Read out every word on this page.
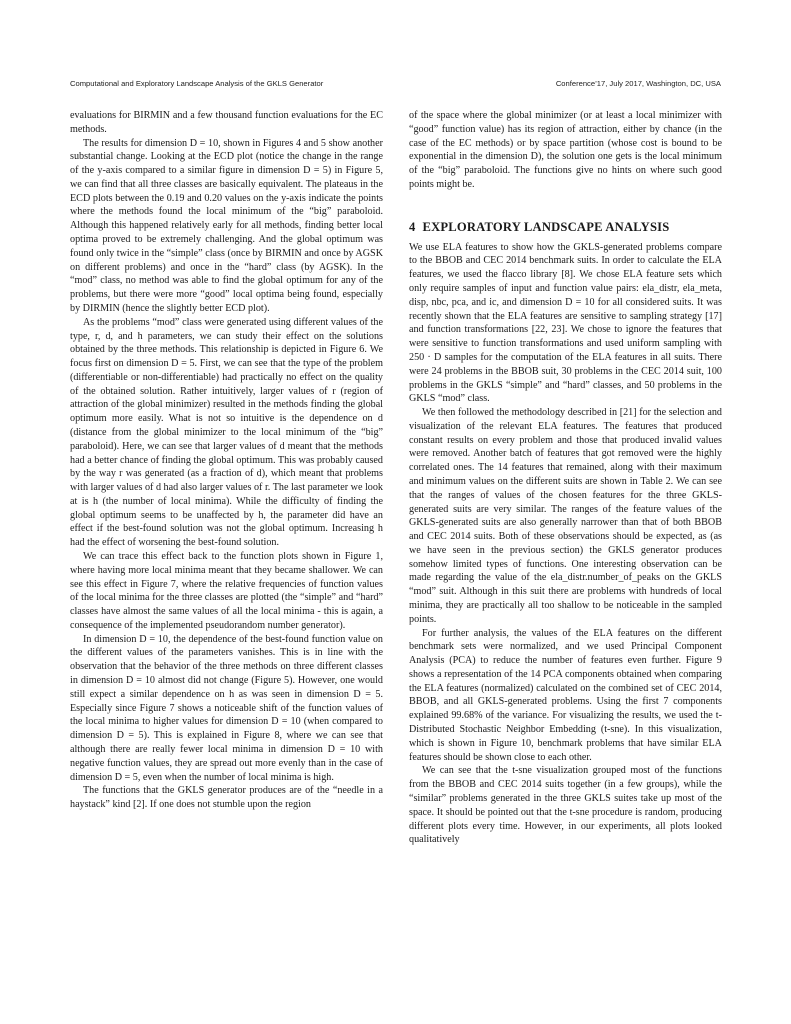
Computational and Exploratory Landscape Analysis of the GKLS Generator	Conference’17, July 2017, Washington, DC, USA

evaluations for BIRMIN and a few thousand function evaluations for the EC methods.

The results for dimension D = 10, shown in Figures 4 and 5 show another substantial change. Looking at the ECD plot (notice the change in the range of the y-axis compared to a similar figure in dimension D = 5) in Figure 5, we can find that all three classes are basically equivalent. The plateaus in the ECD plots between the 0.19 and 0.20 values on the y-axis indicate the points where the methods found the local minimum of the “big” paraboloid. Although this happened relatively early for all methods, finding better local optima proved to be extremely challenging. And the global optimum was found only twice in the “simple” class (once by BIRMIN and once by AGSK on different problems) and once in the “hard” class (by AGSK). In the “mod” class, no method was able to find the global optimum for any of the problems, but there were more “good” local optima being found, especially by DIRMIN (hence the slightly better ECD plot).

As the problems “mod” class were generated using different values of the type, r, d, and h parameters, we can study their effect on the solutions obtained by the three methods. This relationship is depicted in Figure 6. We focus first on dimension D = 5. First, we can see that the type of the problem (differentiable or non-differentiable) had practically no effect on the quality of the obtained solution. Rather intuitively, larger values of r (region of attraction of the global minimizer) resulted in the methods finding the global optimum more easily. What is not so intuitive is the dependence on d (distance from the global minimizer to the local minimum of the “big” paraboloid). Here, we can see that larger values of d meant that the methods had a better chance of finding the global optimum. This was probably caused by the way r was generated (as a fraction of d), which meant that problems with larger values of d had also larger values of r. The last parameter we look at is h (the number of local minima). While the difficulty of finding the global optimum seems to be unaffected by h, the parameter did have an effect if the best-found solution was not the global optimum. Increasing h had the effect of worsening the best-found solution.

We can trace this effect back to the function plots shown in Figure 1, where having more local minima meant that they became shallower. We can see this effect in Figure 7, where the relative frequencies of function values of the local minima for the three classes are plotted (the “simple” and “hard” classes have almost the same values of all the local minima - this is again, a consequence of the implemented pseudorandom number generator).

In dimension D = 10, the dependence of the best-found function value on the different values of the parameters vanishes. This is in line with the observation that the behavior of the three methods on three different classes in dimension D = 10 almost did not change (Figure 5). However, one would still expect a similar dependence on h as was seen in dimension D = 5. Especially since Figure 7 shows a noticeable shift of the function values of the local minima to higher values for dimension D = 10 (when compared to dimension D = 5). This is explained in Figure 8, where we can see that although there are really fewer local minima in dimension D = 10 with negative function values, they are spread out more evenly than in the case of dimension D = 5, even when the number of local minima is high.

The functions that the GKLS generator produces are of the “needle in a haystack” kind [2]. If one does not stumble upon the region

of the space where the global minimizer (or at least a local minimizer with “good” function value) has its region of attraction, either by chance (in the case of the EC methods) or by space partition (whose cost is bound to be exponential in the dimension D), the solution one gets is the local minimum of the “big” paraboloid. The functions give no hints on where such good points might be.

4 EXPLORATORY LANDSCAPE ANALYSIS

We use ELA features to show how the GKLS-generated problems compare to the BBOB and CEC 2014 benchmark suits. In order to calculate the ELA features, we used the flacco library [8]. We chose ELA feature sets which only require samples of input and function value pairs: ela_distr, ela_meta, disp, nbc, pca, and ic, and dimension D = 10 for all considered suits. It was recently shown that the ELA features are sensitive to sampling strategy [17] and function transformations [22, 23]. We chose to ignore the features that were sensitive to function transformations and used uniform sampling with 250 · D samples for the computation of the ELA features in all suits. There were 24 problems in the BBOB suit, 30 problems in the CEC 2014 suit, 100 problems in the GKLS “simple” and “hard” classes, and 50 problems in the GKLS “mod” class.

We then followed the methodology described in [21] for the selection and visualization of the relevant ELA features. The features that produced constant results on every problem and those that produced invalid values were removed. Another batch of features that got removed were the highly correlated ones. The 14 features that remained, along with their maximum and minimum values on the different suits are shown in Table 2. We can see that the ranges of values of the chosen features for the three GKLS-generated suits are very similar. The ranges of the feature values of the GKLS-generated suits are also generally narrower than that of both BBOB and CEC 2014 suits. Both of these observations should be expected, as (as we have seen in the previous section) the GKLS generator produces somehow limited types of functions. One interesting observation can be made regarding the value of the ela_distr.number_of_peaks on the GKLS “mod” suit. Although in this suit there are problems with hundreds of local minima, they are practically all too shallow to be noticeable in the sampled points.

For further analysis, the values of the ELA features on the different benchmark sets were normalized, and we used Principal Component Analysis (PCA) to reduce the number of features even further. Figure 9 shows a representation of the 14 PCA components obtained when comparing the ELA features (normalized) calculated on the combined set of CEC 2014, BBOB, and all GKLS-generated problems. Using the first 7 components explained 99.68% of the variance. For visualizing the results, we used the t-Distributed Stochastic Neighbor Embedding (t-sne). In this visualization, which is shown in Figure 10, benchmark problems that have similar ELA features should be shown close to each other.

We can see that the t-sne visualization grouped most of the functions from the BBOB and CEC 2014 suits together (in a few groups), while the “similar” problems generated in the three GKLS suites take up most of the space. It should be pointed out that the t-sne procedure is random, producing different plots every time. However, in our experiments, all plots looked qualitatively
